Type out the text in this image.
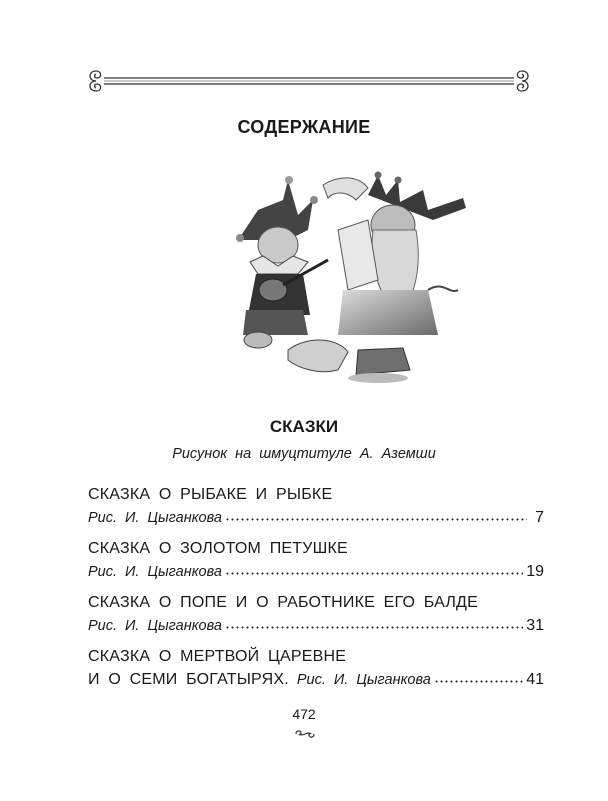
СОДЕРЖАНИЕ
СКАЗКИ
Рисунок на шмуцтитуле А. Аземши
СКАЗКА О РЫБАКЕ И РЫБКЕ
Рис. И. Цыганкова	7
СКАЗКА О ЗОЛОТОМ ПЕТУШКЕ
Рис. И. Цыганкова	19
СКАЗКА О ПОПЕ И О РАБОТНИКЕ ЕГО БАЛДЕ
Рис. И. Цыганкова	31
СКАЗКА О МЕРТВОЙ ЦАРЕВНЕ
И О СЕМИ БОГАТЫРЯХ. Рис. И. Цыганкова	41
472
